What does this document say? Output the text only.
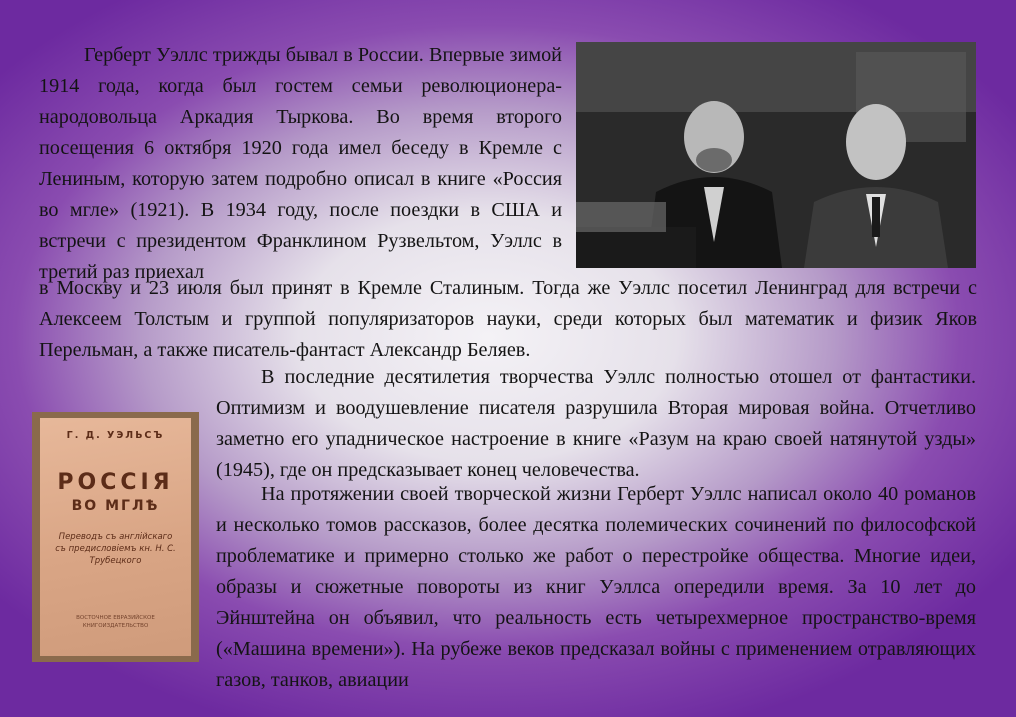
Герберт Уэллс трижды бывал в России. Впервые зимой 1914 года, когда был гостем семьи революционера-народовольца Аркадия Тыркова. Во время второго посещения 6 октября 1920 года имел беседу в Кремле с Лениным, которую затем подробно описал в книге «Россия во мгле» (1921). В 1934 году, после поездки в США и встречи с президентом Франклином Рузвельтом, Уэллс в третий раз приехал

в Москву и 23 июля был принят в Кремле Сталиным. Тогда же Уэллс посетил Ленинград для встречи с Алексеем Толстым и группой популяризаторов науки, среди которых был математик и физик Яков Перельман, а также писатель-фантаст Александр Беляев.

Г. Д. УЭЛЬСЪ
РОССІЯ
ВО МГЛѢ
Переводъ съ англійскаго съ предисловіемъ кн. Н. С. Трубецкого
ВОСТОЧНОЕ ЕВРАЗИЙСКОЕ КНИГОИЗДАТЕЛЬСТВО

В последние десятилетия творчества Уэллс полностью отошел от фантастики. Оптимизм и воодушевление писателя разрушила Вторая мировая война. Отчетливо заметно его упадническое настроение в книге «Разум на краю своей натянутой узды» (1945), где он предсказывает конец человечества.

На протяжении своей творческой жизни Герберт Уэллс написал около 40 романов и несколько томов рассказов, более десятка полемических сочинений по философской проблематике и примерно столько же работ о перестройке общества. Многие идеи, образы и сюжетные повороты из книг Уэллса опередили время. За 10 лет до Эйнштейна он объявил, что реальность есть четырехмерное пространство-время («Машина времени»). На рубеже веков предсказал войны с применением отравляющих газов, танков, авиации
